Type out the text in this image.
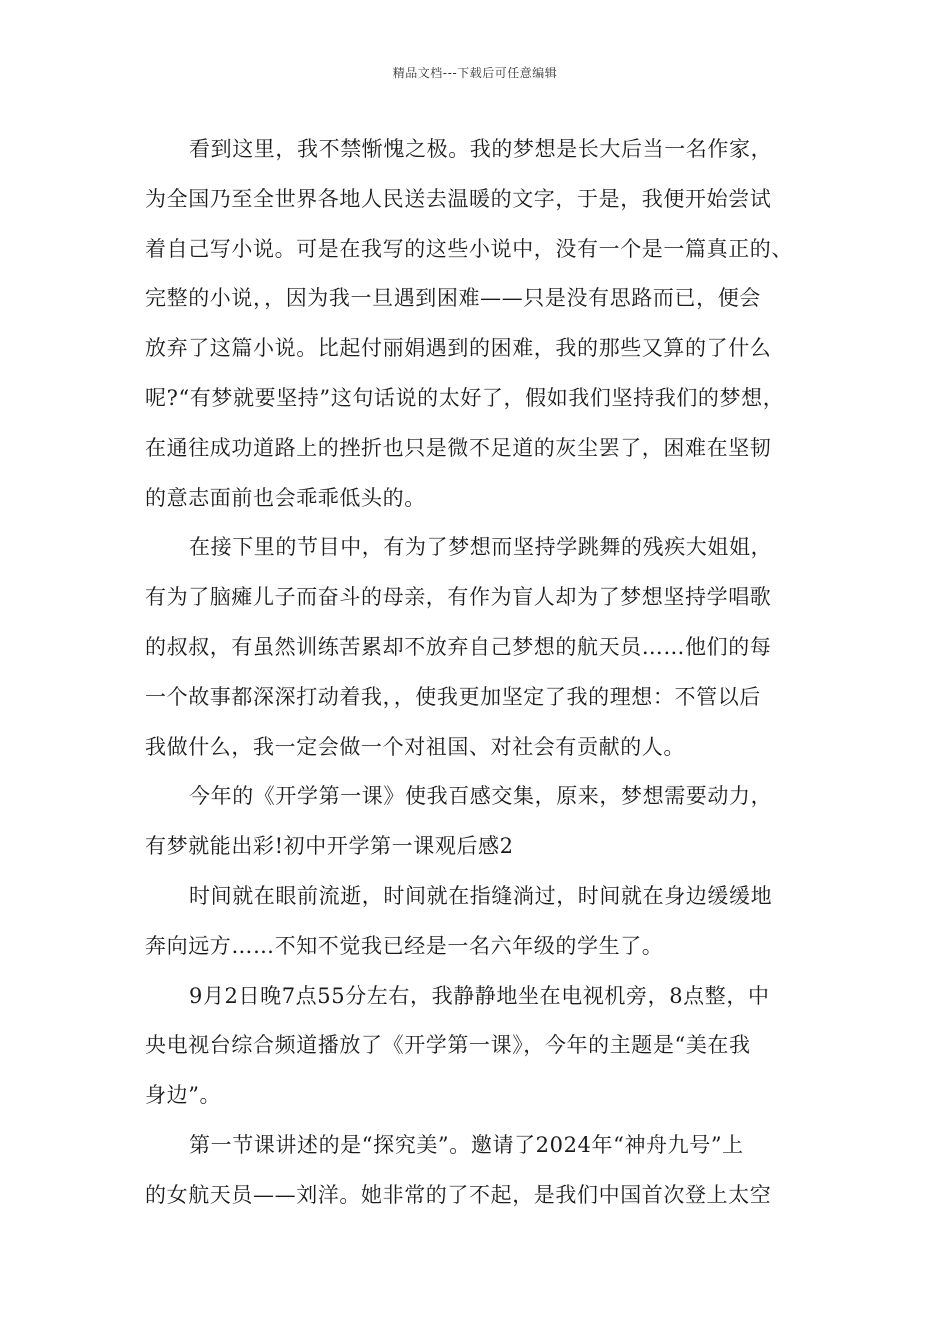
精品文档---下载后可任意编辑
看到这里，我不禁惭愧之极。我的梦想是长大后当一名作家，
为全国乃至全世界各地人民送去温暖的文字，于是，我便开始尝试
着自己写小说。可是在我写的这些小说中，没有一个是一篇真正的、
完整的小说，，因为我一旦遇到困难——只是没有思路而已，便会
放弃了这篇小说。比起付丽娟遇到的困难，我的那些又算的了什么
呢?“有梦就要坚持”这句话说的太好了，假如我们坚持我们的梦想，
在通往成功道路上的挫折也只是微不足道的灰尘罢了，困难在坚韧
的意志面前也会乖乖低头的。
在接下里的节目中，有为了梦想而坚持学跳舞的残疾大姐姐，
有为了脑瘫儿子而奋斗的母亲，有作为盲人却为了梦想坚持学唱歌
的叔叔，有虽然训练苦累却不放弃自己梦想的航天员……他们的每
一个故事都深深打动着我，，使我更加坚定了我的理想：不管以后
我做什么，我一定会做一个对祖国、对社会有贡献的人。
今年的《开学第一课》使我百感交集，原来，梦想需要动力，
有梦就能出彩!初中开学第一课观后感2
时间就在眼前流逝，时间就在指缝淌过，时间就在身边缓缓地
奔向远方……不知不觉我已经是一名六年级的学生了。
9月2日晚7点55分左右，我静静地坐在电视机旁，8点整，中
央电视台综合频道播放了《开学第一课》，今年的主题是“美在我
身边”。
第一节课讲述的是“探究美”。邀请了2024年“神舟九号”上
的女航天员——刘洋。她非常的了不起，是我们中国首次登上太空
